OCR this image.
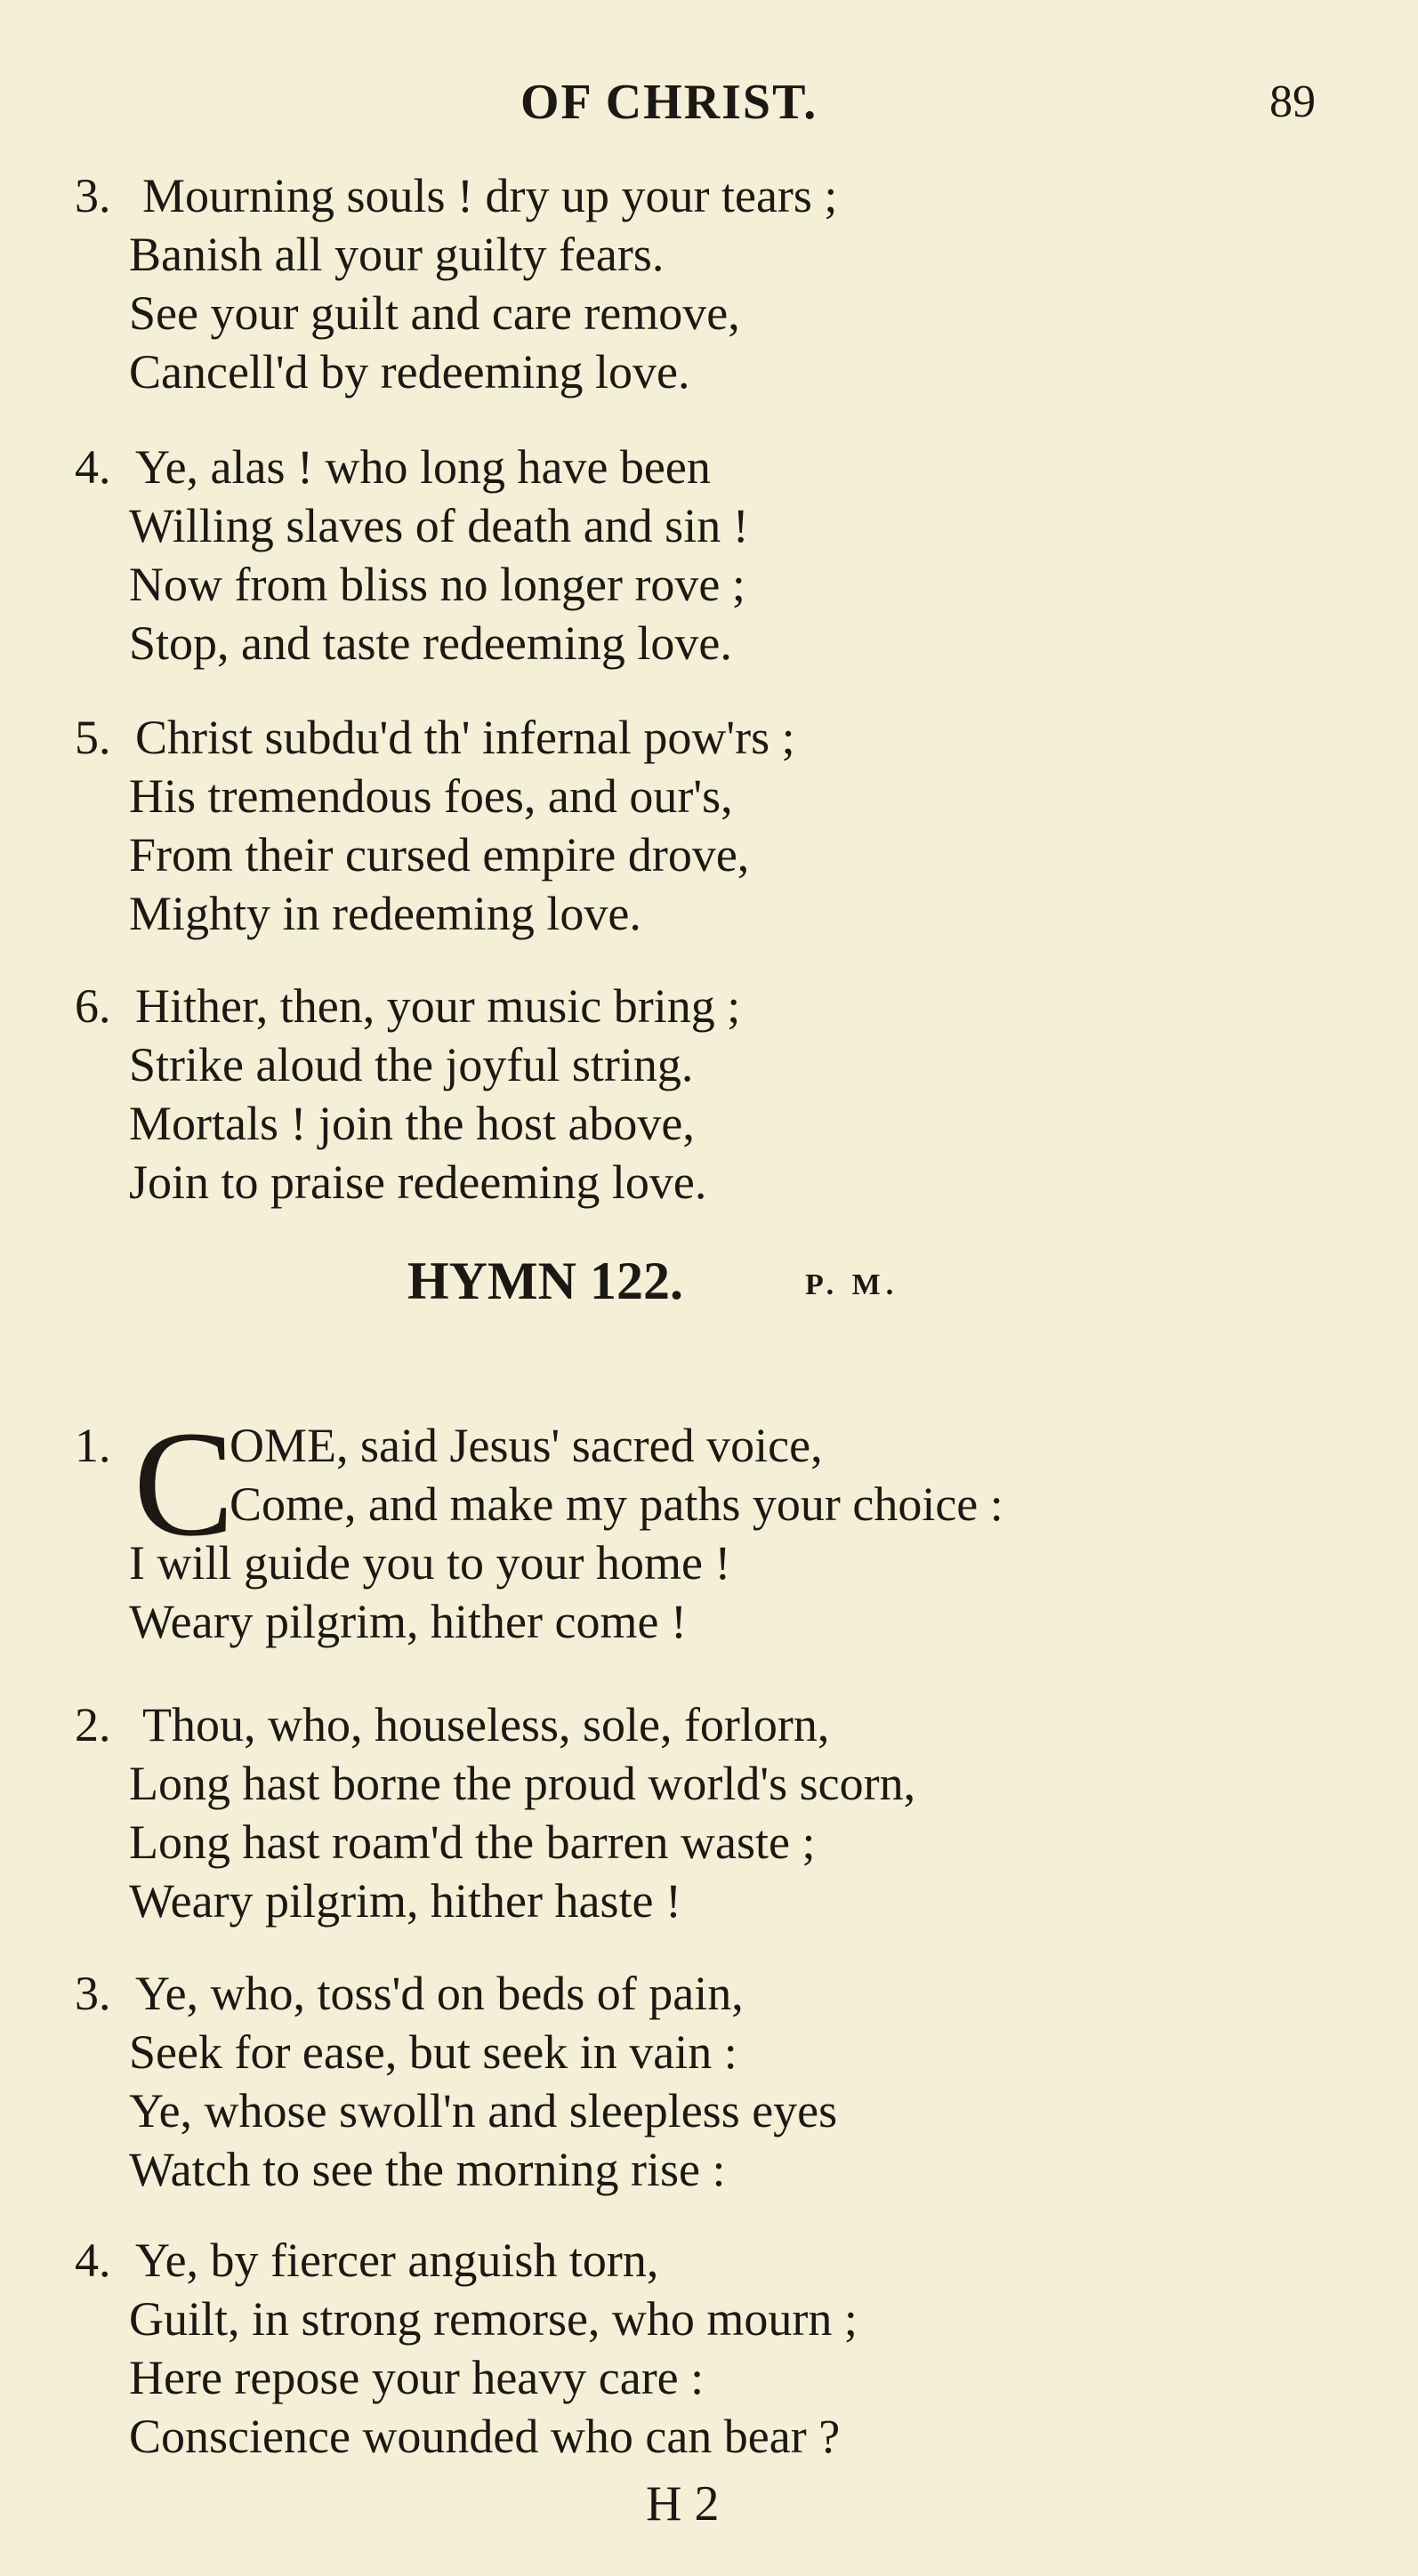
OF CHRIST.	89
3. Mourning souls ! dry up your tears ;
Banish all your guilty fears.
See your guilt and care remove,
Cancell'd by redeeming love.
4. Ye, alas ! who long have been
Willing slaves of death and sin !
Now from bliss no longer rove ;
Stop, and taste redeeming love.
5. Christ subdu'd th' infernal pow'rs ;
His tremendous foes, and our's,
From their cursed empire drove,
Mighty in redeeming love.
6. Hither, then, your music bring ;
Strike aloud the joyful string.
Mortals ! join the host above,
Join to praise redeeming love.
HYMN 122.	P. M.
C
1. OME, said Jesus' sacred voice,
Come, and make my paths your choice :
I will guide you to your home !
Weary pilgrim, hither come !
2. Thou, who, houseless, sole, forlorn,
Long hast borne the proud world's scorn,
Long hast roam'd the barren waste ;
Weary pilgrim, hither haste !
3. Ye, who, toss'd on beds of pain,
Seek for ease, but seek in vain :
Ye, whose swoll'n and sleepless eyes
Watch to see the morning rise :
4. Ye, by fiercer anguish torn,
Guilt, in strong remorse, who mourn ;
Here repose your heavy care :
Conscience wounded who can bear ?
H 2
